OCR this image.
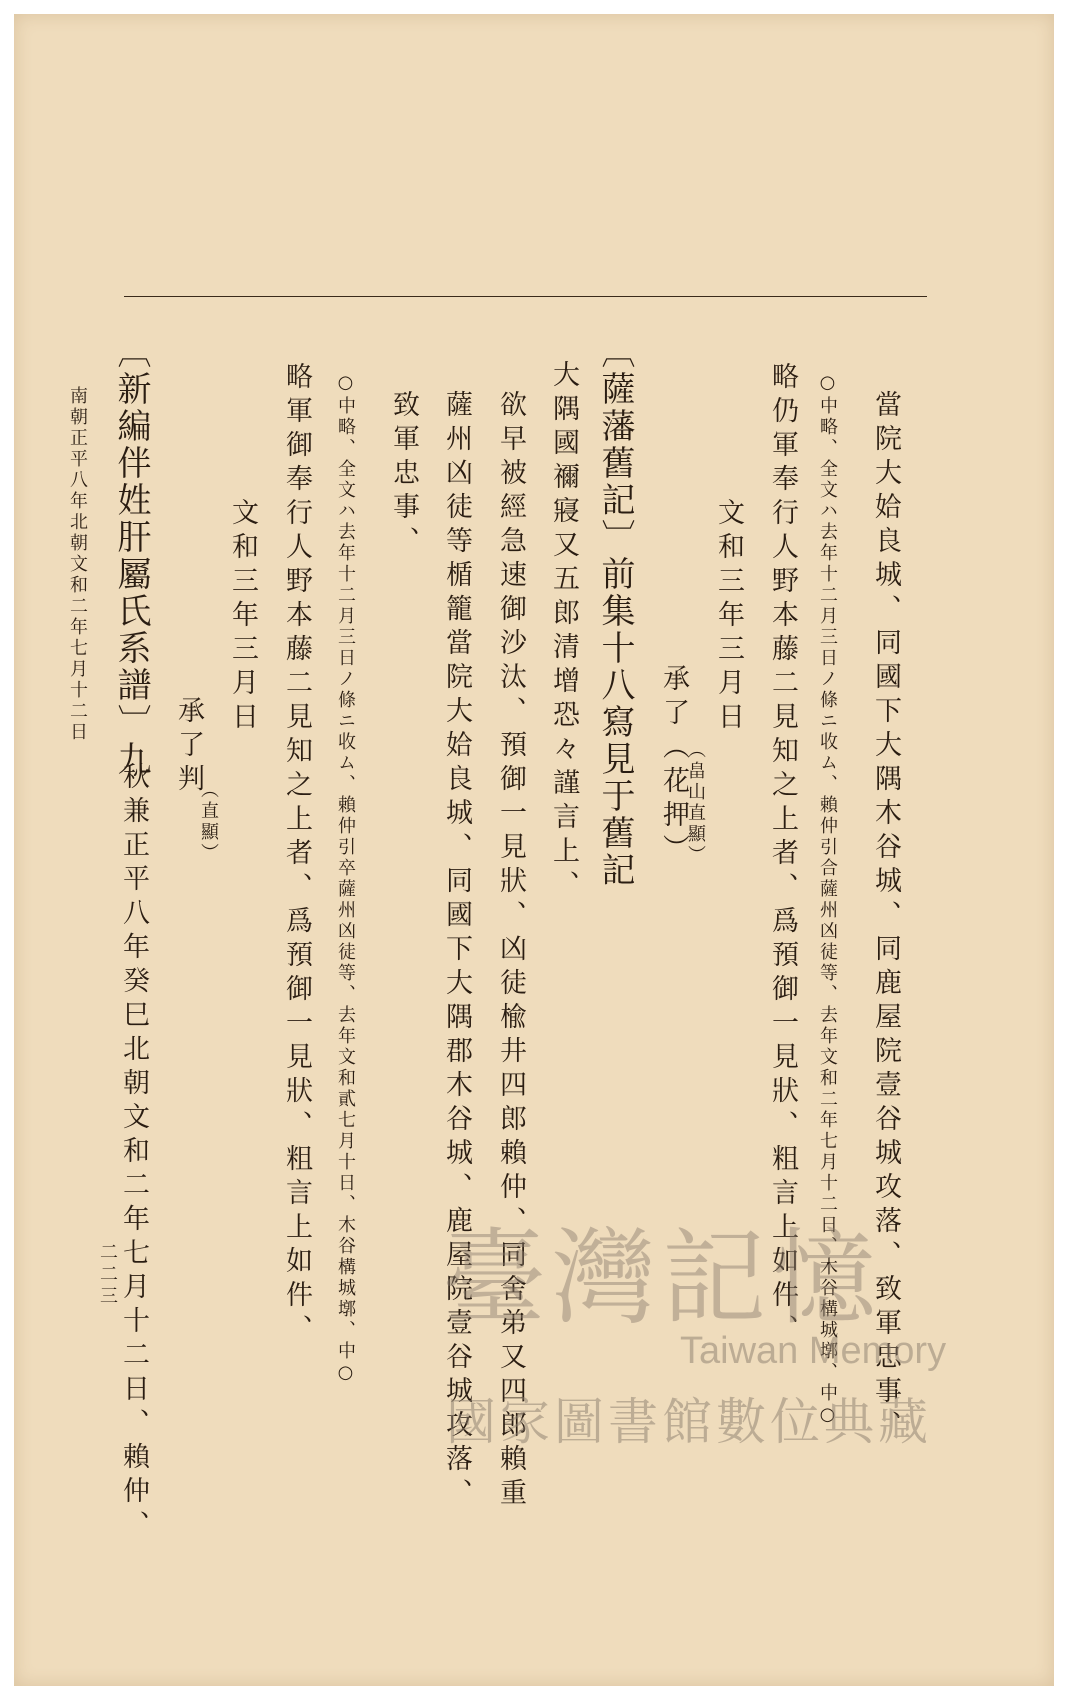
當院大姶良城、同國下大隅木谷城、同鹿屋院壹谷城攻落、致軍忠事、
○中略、全文ハ去年十二月三日ノ條ニ收ム、賴仲引合薩州凶徒等、去年文和二年七月十二日、木谷構城墎、中○
略仍軍奉行人野本藤二見知之上者、爲預御一見狀、粗言上如件、
文和三年三月日
承了（花押）
（畠山直顯）
〔薩藩舊記〕前集十八寫見于舊記
大隅國禰寢又五郎清增恐々謹言上、
欲早被經急速御沙汰、預御一見狀、凶徒楡井四郎賴仲、同舍弟又四郎賴重
薩州凶徒等楯籠當院大姶良城、同國下大隅郡木谷城、鹿屋院壹谷城攻落、
致軍忠事、
○中略、全文ハ去年十二月三日ノ條ニ收ム、賴仲引卒薩州凶徒等、去年文和貳七月十日、木谷構城墎、中○
略軍御奉行人野本藤二見知之上者、爲預御一見狀、粗言上如件、
文和三年三月日
承了判
（直顯）
〔新編伴姓肝屬氏系譜〕九
秋兼正平八年癸巳北朝文和二年七月十二日、賴仲、
南朝正平八年北朝文和二年七月十二日
二二三	臺灣記憶
Taiwan Memory
國家圖書館數位典藏
